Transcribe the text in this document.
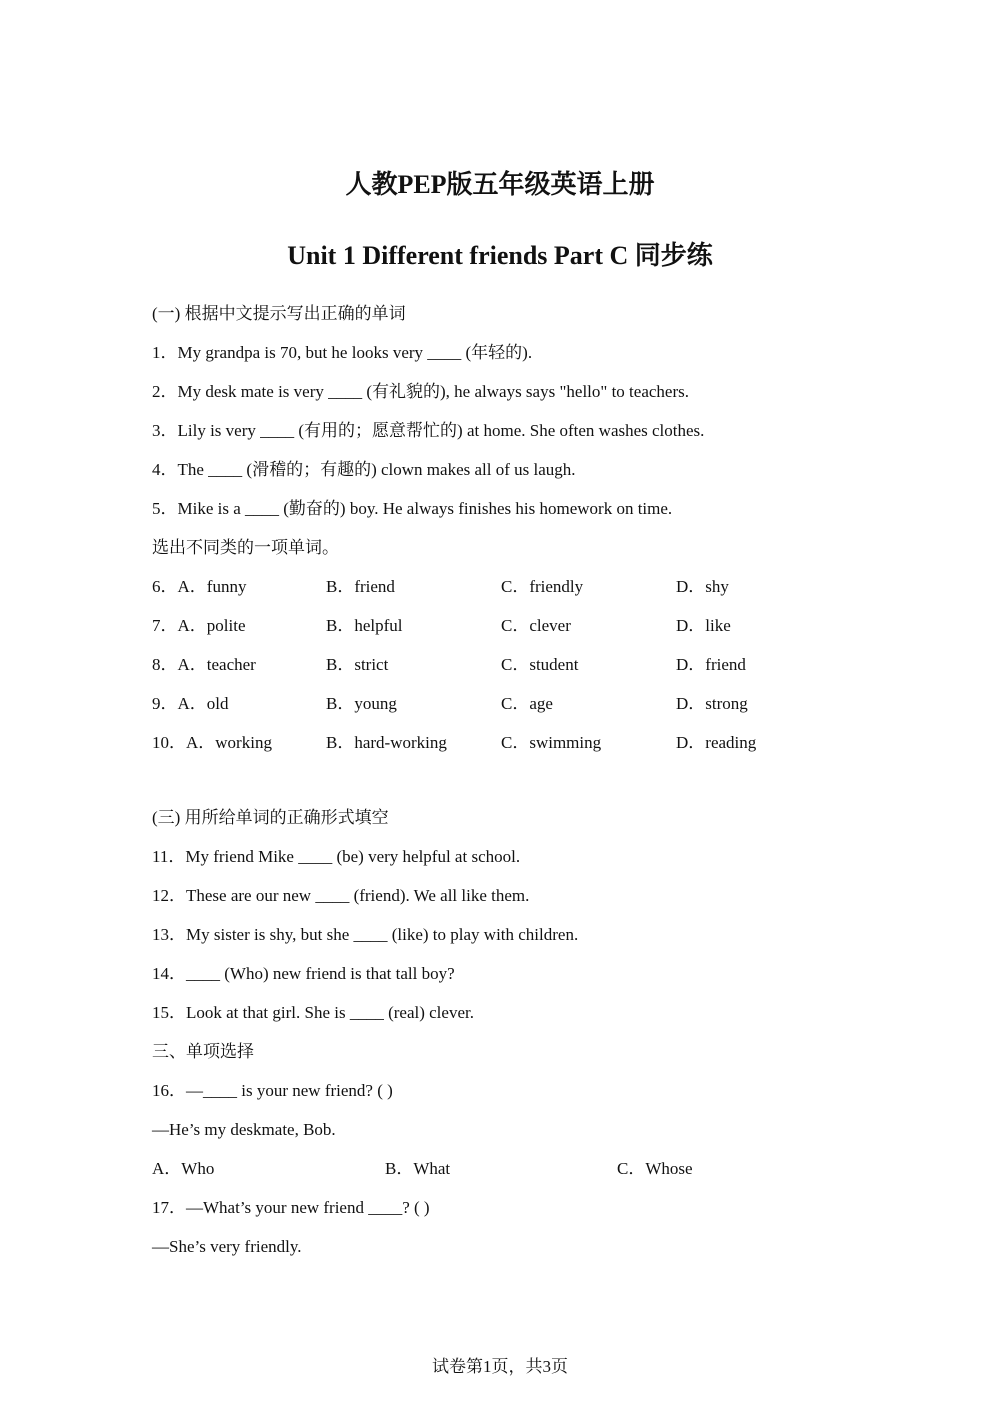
人教PEP版五年级英语上册
Unit 1 Different friends Part C 同步练
(一) 根据中文提示写出正确的单词
1．My grandpa is 70, but he looks very ____ (年轻的).
2．My desk mate is very ____ (有礼貌的), he always says "hello" to teachers.
3．Lily is very ____ (有用的；愿意帮忙的) at home. She often washes clothes.
4．The ____ (滑稽的；有趣的) clown makes all of us laugh.
5．Mike is a ____ (勤奋的) boy. He always finishes his homework on time.
选出不同类的一项单词。
6．A．funny	B．friend	C．friendly	D．shy
7．A．polite	B．helpful	C．clever	D．like
8．A．teacher	B．strict	C．student	D．friend
9．A．old	B．young	C．age	D．strong
10．A．working	B．hard-working	C．swimming	D．reading
(三) 用所给单词的正确形式填空
11．My friend Mike ____ (be) very helpful at school.
12．These are our new ____ (friend). We all like them.
13．My sister is shy, but she ____ (like) to play with children.
14．____ (Who) new friend is that tall boy?
15．Look at that girl. She is ____ (real) clever.
三、单项选择
16．—____ is your new friend? ( )
—He’s my deskmate, Bob.
A．Who	B．What	C．Whose
17．—What’s your new friend ____? ( )
—She’s very friendly.
试卷第1页，共3页
